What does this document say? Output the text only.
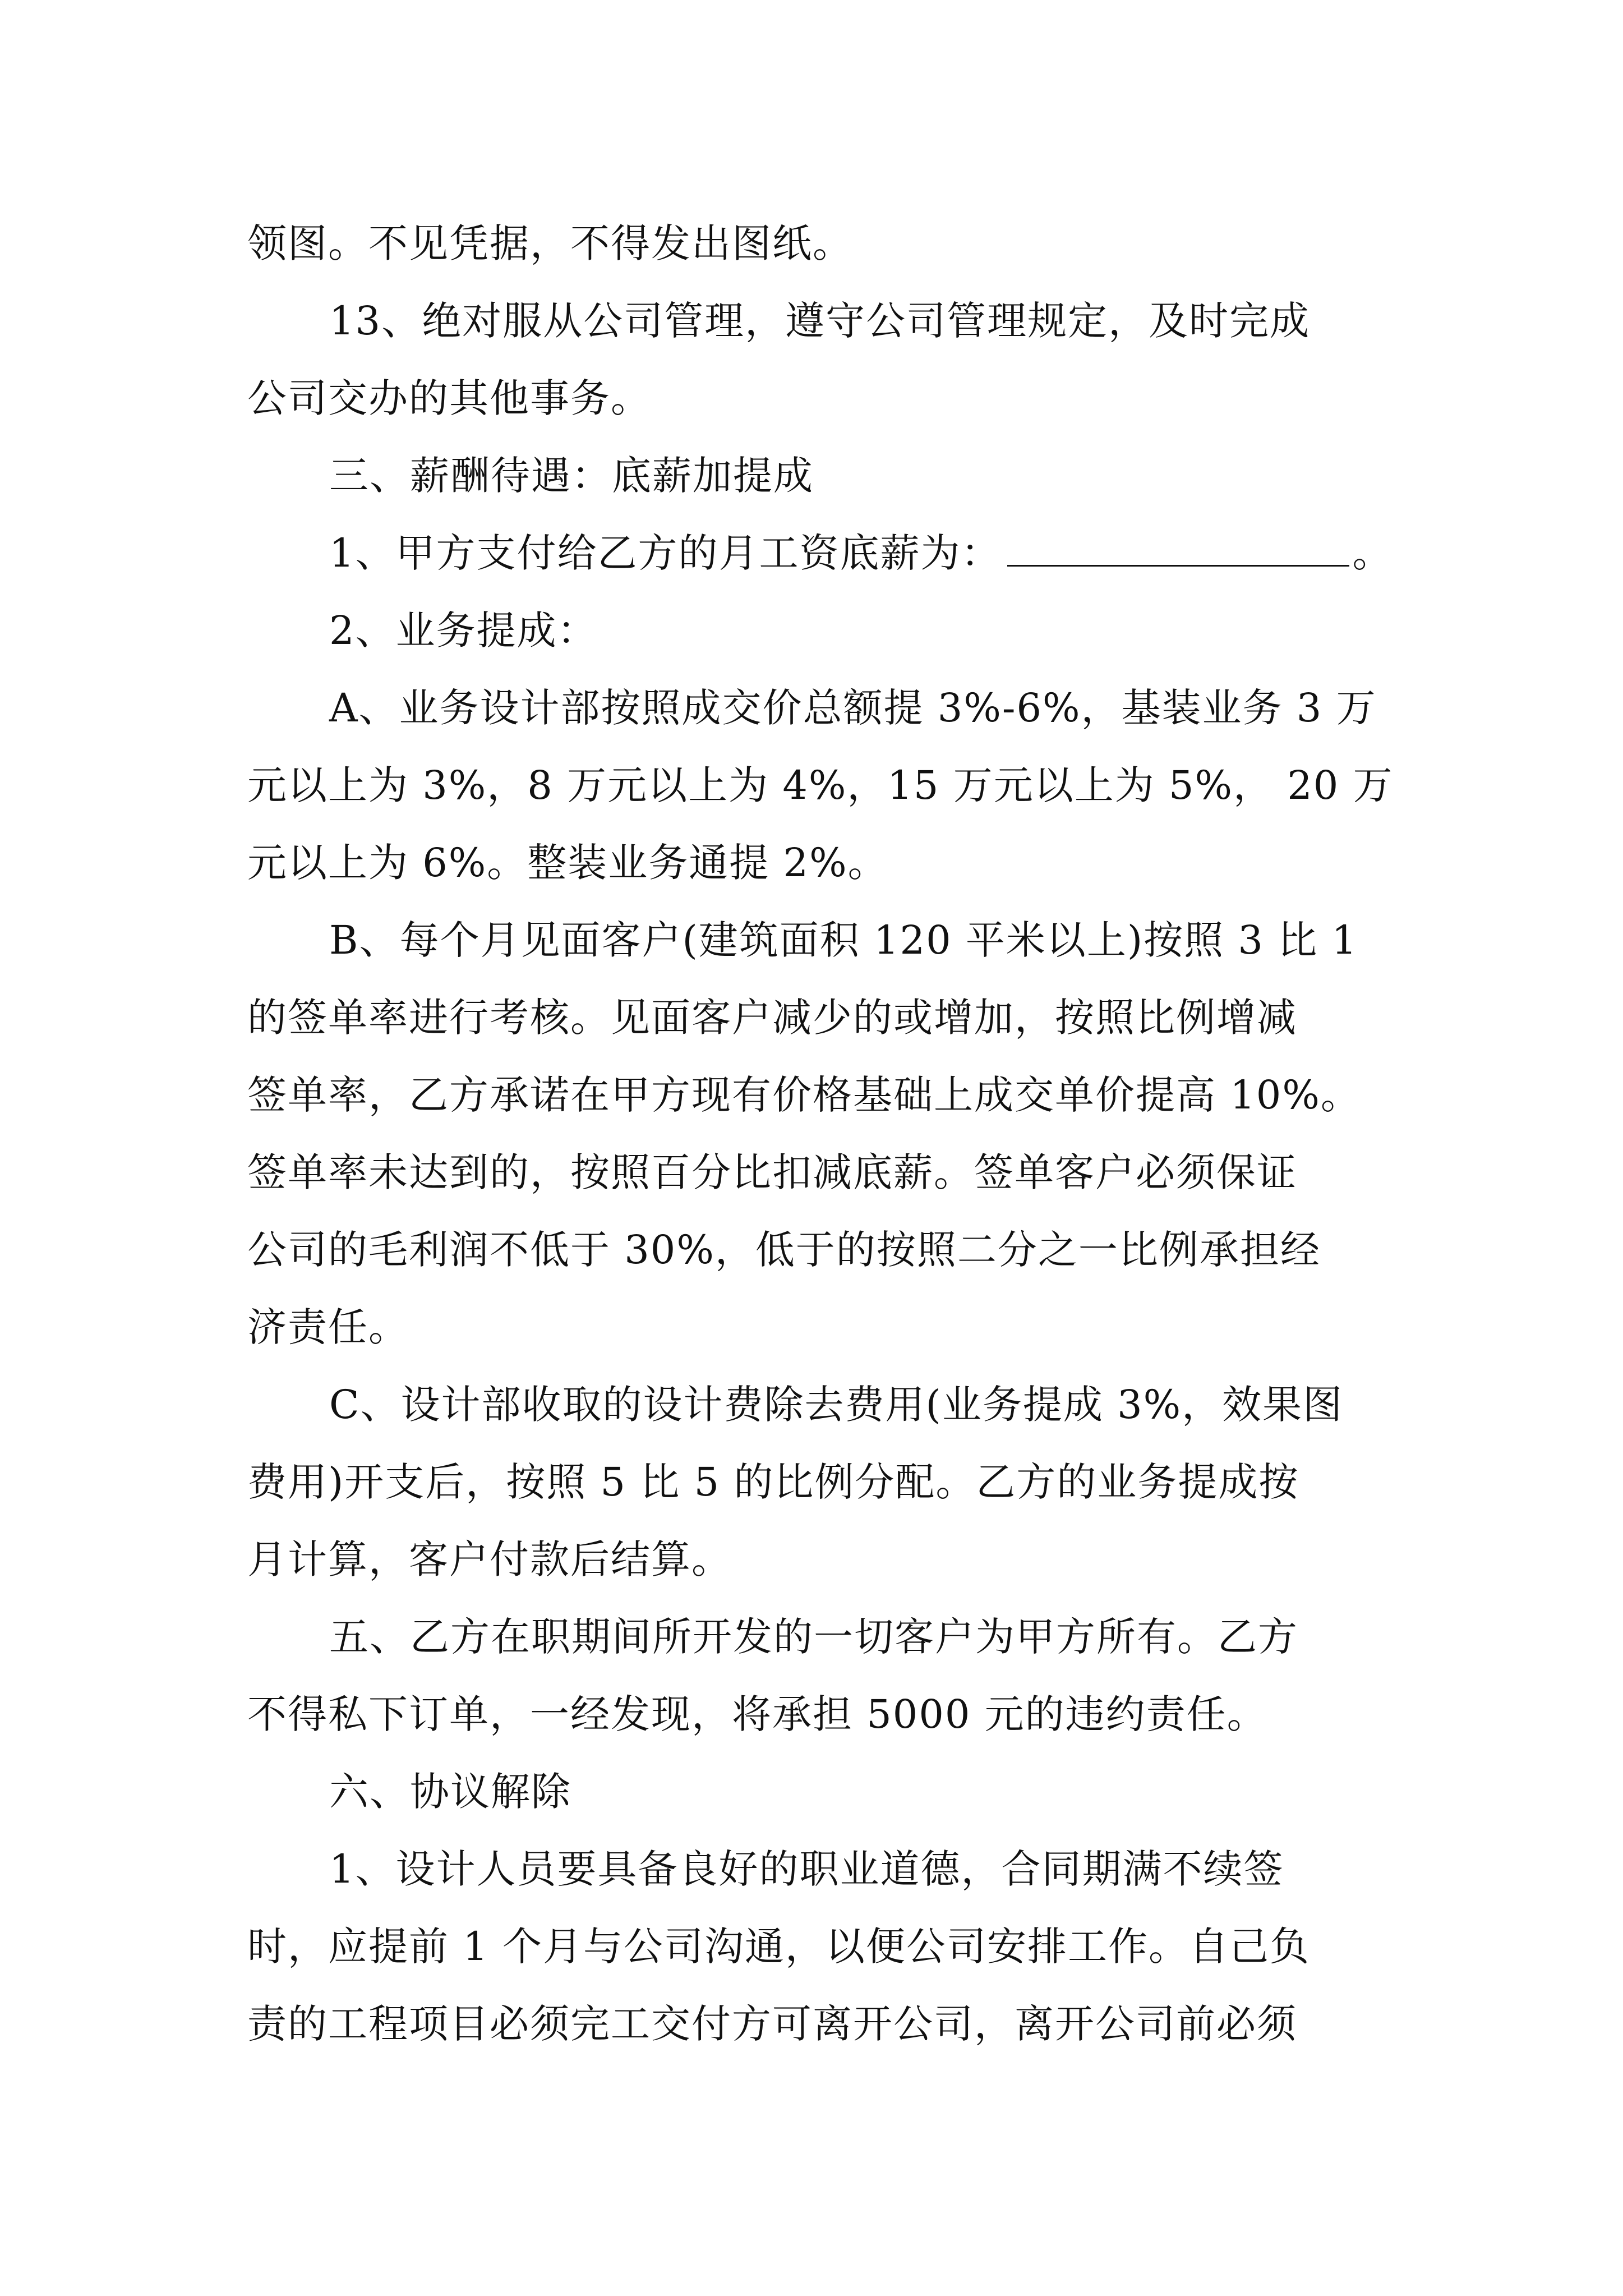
领图。不见凭据，不得发出图纸。
13、绝对服从公司管理，遵守公司管理规定，及时完成
公司交办的其他事务。
三、薪酬待遇：底薪加提成
1、甲方支付给乙方的月工资底薪为：	。
2、业务提成：
A、业务设计部按照成交价总额提 3%-6%，基装业务 3 万
元以上为 3%，8 万元以上为 4%，15 万元以上为 5%， 20 万
元以上为 6%。整装业务通提 2%。
B、每个月见面客户(建筑面积 120 平米以上)按照 3 比 1
的签单率进行考核。见面客户减少的或增加，按照比例增减
签单率，乙方承诺在甲方现有价格基础上成交单价提高 10%。
签单率未达到的，按照百分比扣减底薪。签单客户必须保证
公司的毛利润不低于 30%，低于的按照二分之一比例承担经
济责任。
C、设计部收取的设计费除去费用(业务提成 3%，效果图
费用)开支后，按照 5 比 5 的比例分配。乙方的业务提成按
月计算，客户付款后结算。
五、乙方在职期间所开发的一切客户为甲方所有。乙方
不得私下订单，一经发现，将承担 5000 元的违约责任。
六、协议解除
1、设计人员要具备良好的职业道德，合同期满不续签
时，应提前 1 个月与公司沟通，以便公司安排工作。自己负
责的工程项目必须完工交付方可离开公司，离开公司前必须
